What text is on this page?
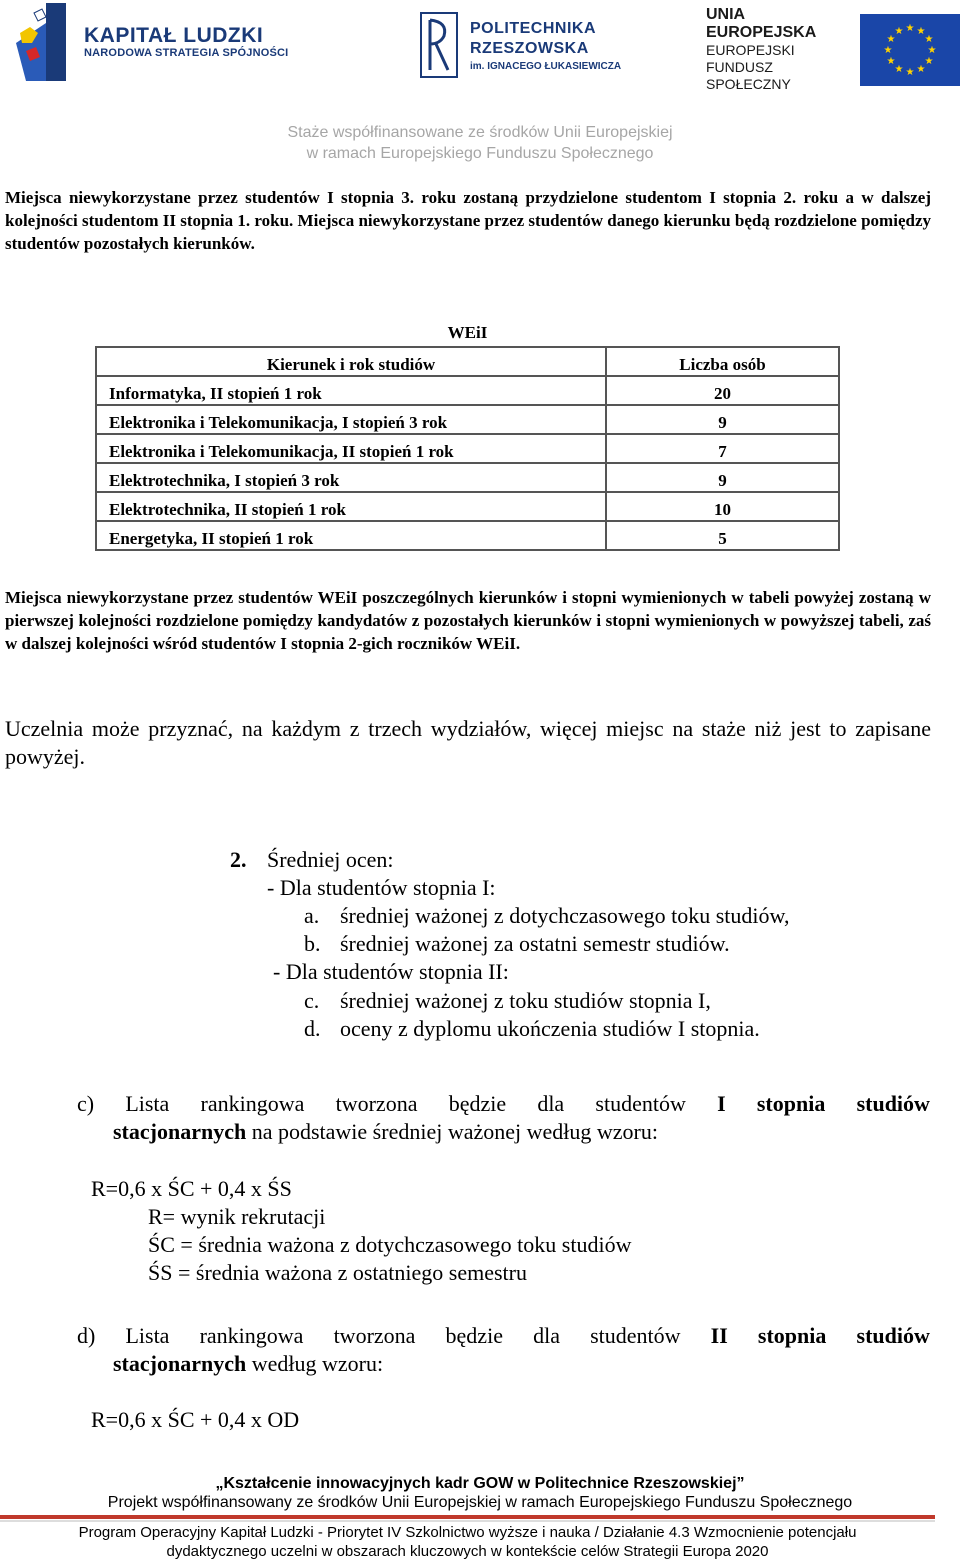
KAPITAŁ LUDZKI
NARODOWA STRATEGIA SPÓJNOŚCI
POLITECHNIKA
RZESZOWSKA
im. IGNACEGO ŁUKASIEWICZA
UNIA EUROPEJSKA
EUROPEJSKI
FUNDUSZ SPOŁECZNY
★ ★
★
★
★
★
★
★
★
★
★
★
Staże współfinansowane ze środków Unii Europejskiej
w ramach Europejskiego Funduszu Społecznego
Miejsca niewykorzystane przez studentów I stopnia 3. roku zostaną przydzielone studentom I stopnia 2. roku a w dalszej kolejności studentom II stopnia 1. roku. Miejsca niewykorzystane przez studentów danego kierunku będą rozdzielone pomiędzy studentów pozostałych kierunków.
WEiI
Kierunek i rok studiów	Liczba osób
Informatyka, II stopień 1 rok	20
Elektronika i Telekomunikacja, I stopień 3 rok	9
Elektronika i Telekomunikacja, II stopień 1 rok	7
Elektrotechnika, I stopień 3 rok	9
Elektrotechnika, II stopień 1 rok	10
Energetyka, II stopień 1 rok	5
Miejsca niewykorzystane przez studentów WEiI poszczególnych kierunków i stopni wymienionych w tabeli powyżej zostaną w pierwszej kolejności rozdzielone pomiędzy kandydatów z pozostałych kierunków i stopni wymienionych w powyższej tabeli, zaś w dalszej kolejności wśród studentów I stopnia 2-gich roczników WEiI.
Uczelnia może przyznać, na każdym z trzech wydziałów, więcej miejsc na staże niż jest to zapisane powyżej.
2. Średniej ocen:
- Dla studentów stopnia I:
a. średniej ważonej z dotychczasowego toku studiów,
b. średniej ważonej za ostatni semestr studiów.
- Dla studentów stopnia II:
c. średniej ważonej z toku studiów stopnia I,
d. oceny z dyplomu ukończenia studiów I stopnia.
c) Lista rankingowa tworzona będzie dla studentów I stopnia studiów
stacjonarnych na podstawie średniej ważonej według wzoru:
R=0,6 x ŚC + 0,4 x ŚS
R= wynik rekrutacji
ŚC = średnia ważona z dotychczasowego toku studiów
ŚS = średnia ważona z ostatniego semestru
d) Lista rankingowa tworzona będzie dla studentów II stopnia studiów
stacjonarnych według wzoru:
R=0,6 x ŚC + 0,4 x OD
„Kształcenie innowacyjnych kadr GOW w Politechnice Rzeszowskiej”
Projekt współfinansowany ze środków Unii Europejskiej w ramach Europejskiego Funduszu Społecznego
Program Operacyjny Kapitał Ludzki - Priorytet IV Szkolnictwo wyższe i nauka / Działanie 4.3 Wzmocnienie potencjału
dydaktycznego uczelni w obszarach kluczowych w kontekście celów Strategii Europa 2020
